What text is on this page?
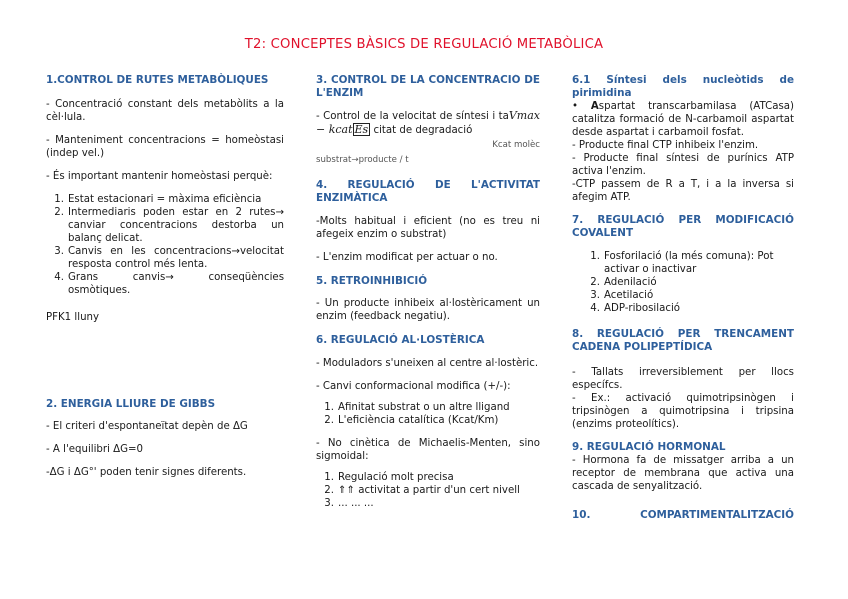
T2: CONCEPTES BÀSICS DE REGULACIÓ METABÒLICA
1.CONTROL DE RUTES METABÒLIQUES
- Concentració constant dels metabòlits a la cèl·lula.
- Manteniment concentracions = homeòstasi (indep vel.)
- És important mantenir homeòstasi perquè:
1. Estat estacionari = màxima eficiència
2. Intermediaris poden estar en 2 rutes→ canviar concentracions destorba un balanç delicat.
3. Canvis en les concentracions→velocitat resposta control més lenta.
4. Grans canvis→ conseqüències osmòtiques.
PFK1 lluny
2. ENERGIA LLIURE DE GIBBS
- El criteri d'espontaneïtat depèn de ΔG
- A l'equilibri ΔG=0
-ΔG i ΔG°' poden tenir signes diferents.
3. CONTROL DE LA CONCENTRACIÓ DE L'ENZIM
- Control de la velocitat de síntesi i taVmax − kcat Es citat de degradació
Kcat molèc
substrat→producte / t
4. REGULACIÓ DE L'ACTIVITAT ENZIMÀTICA
-Molts habitual i eficient (no es treu ni afegeix enzim o substrat)
- L'enzim modificat per actuar o no.
5. RETROINHIBICIÓ
- Un producte inhibeix al·lostèricament un enzim (feedback negatiu).
6. REGULACIÓ AL·LOSTÈRICA
- Moduladors s'uneixen al centre al·lostèric.
- Canvi conformacional modifica (+/-):
1. Afinitat substrat o un altre lligand
2. L'eficiència catalítica (Kcat/Km)
- No cinètica de Michaelis-Menten, sino sigmoidal:
1. Regulació molt precisa
2. ⇑⇑ activitat a partir d'un cert nivell
3. ... ... ...
6.1 Síntesi dels nucleòtids de pirimidina
• Aspartat transcarbamilasa (ATCasa) catalitza formació de N-carbamoil aspartat desde aspartat i carbamoil fosfat.
- Producte final CTP inhibeix l'enzim.
- Producte final síntesi de purínics ATP activa l'enzim.
-CTP passem de R a T, i a la inversa si afegim ATP.
7. REGULACIÓ PER MODIFICACIÓ COVALENT
1. Fosforilació (la més comuna): Pot activar o inactivar
2. Adenilació
3. Acetilació
4. ADP-ribosilació
8. REGULACIÓ PER TRENCAMENT CADENA POLIPEPTÍDICA
- Tallats irreversiblement per llocs específcs.
- Ex.: activació quimotripsinògen i tripsinògen a quimotripsina i tripsina (enzims proteolítics).
9. REGULACIÓ HORMONAL
- Hormona fa de missatger arriba a un receptor de membrana que activa una cascada de senyalització.
10. COMPARTIMENTALITZACIÓ
